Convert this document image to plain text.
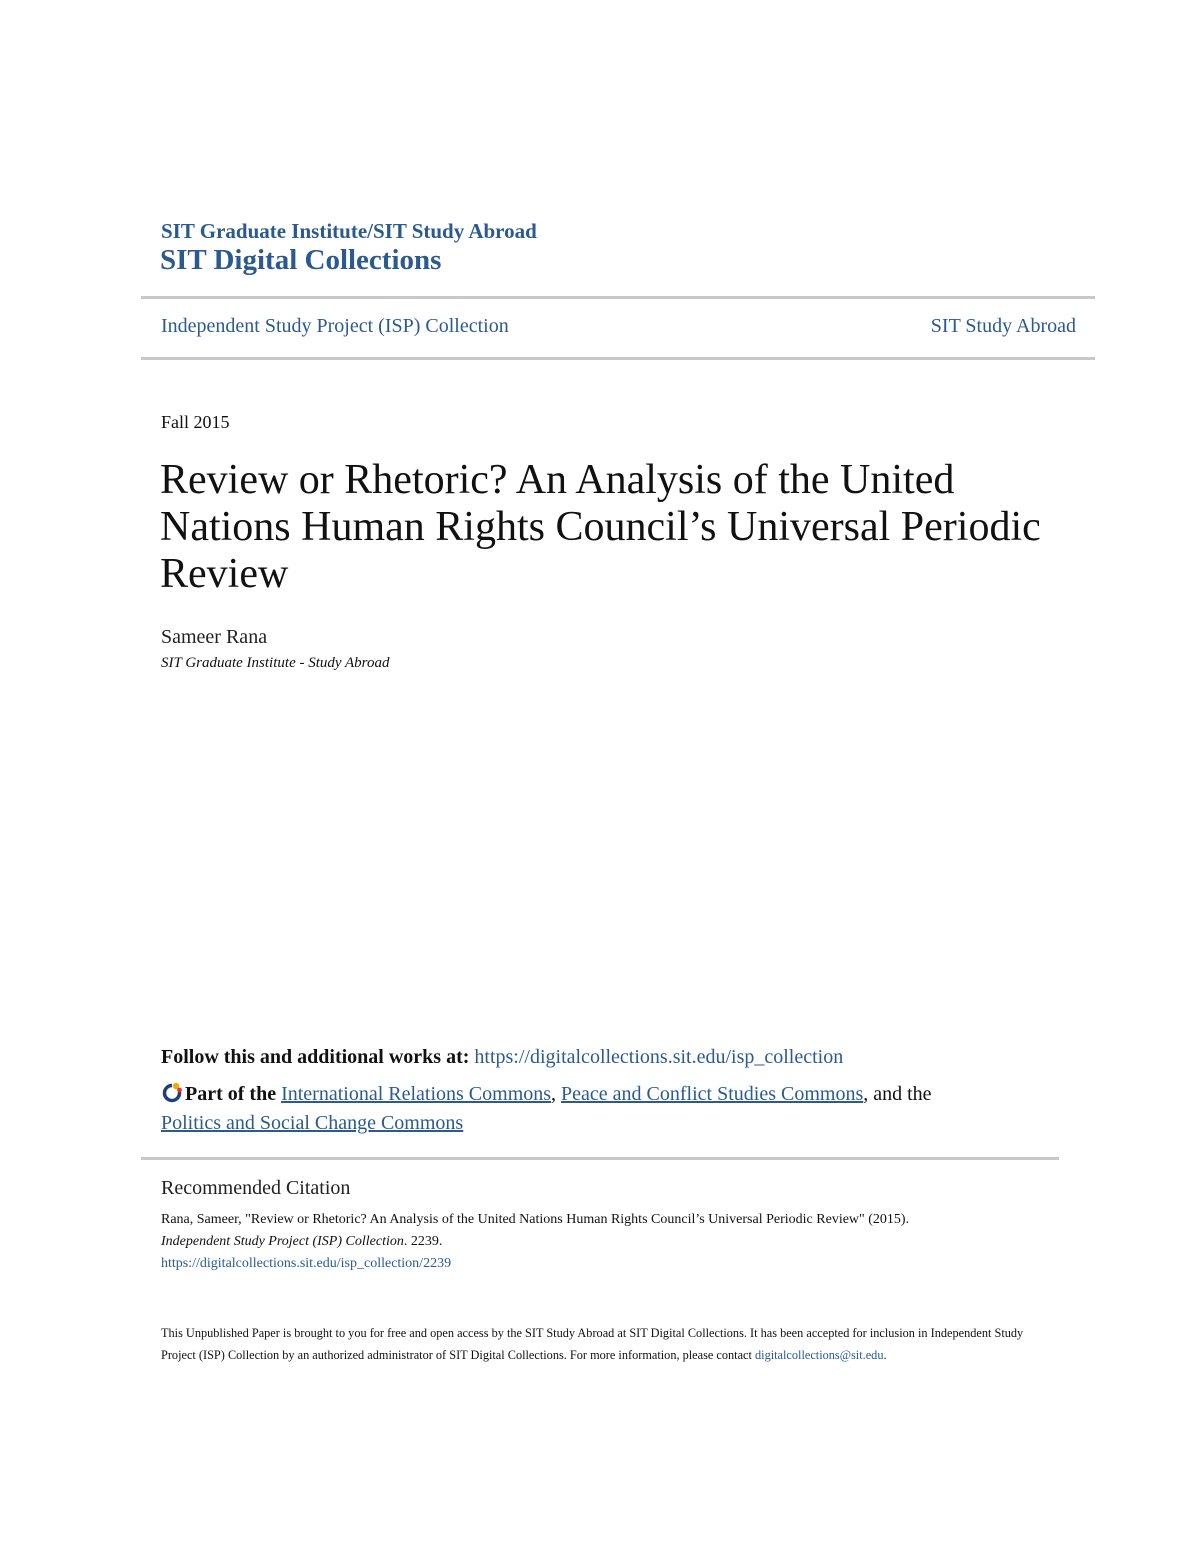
SIT Graduate Institute/SIT Study Abroad
SIT Digital Collections
Independent Study Project (ISP) Collection	SIT Study Abroad
Fall 2015
Review or Rhetoric? An Analysis of the United Nations Human Rights Council’s Universal Periodic Review
Sameer Rana
SIT Graduate Institute - Study Abroad
Follow this and additional works at: https://digitalcollections.sit.edu/isp_collection
Part of the International Relations Commons, Peace and Conflict Studies Commons, and the
Politics and Social Change Commons
Recommended Citation
Rana, Sameer, "Review or Rhetoric? An Analysis of the United Nations Human Rights Council’s Universal Periodic Review" (2015).
Independent Study Project (ISP) Collection. 2239.
https://digitalcollections.sit.edu/isp_collection/2239
This Unpublished Paper is brought to you for free and open access by the SIT Study Abroad at SIT Digital Collections. It has been accepted for inclusion in Independent Study Project (ISP) Collection by an authorized administrator of SIT Digital Collections. For more information, please contact digitalcollections@sit.edu.
